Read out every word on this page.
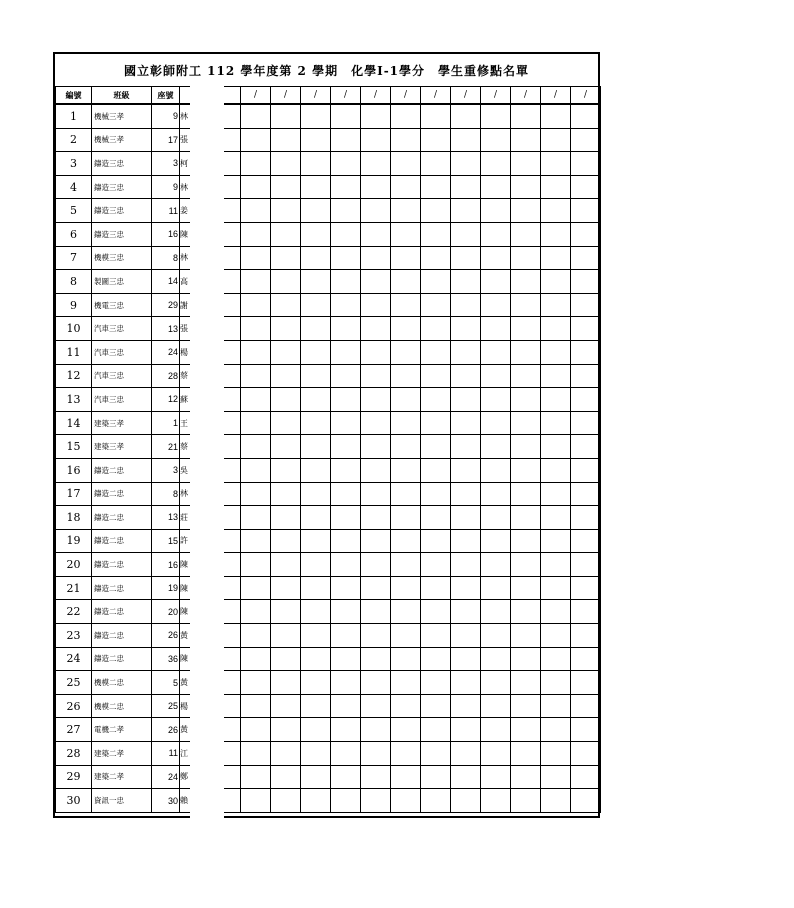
國立彰師附工 112 學年度第 2 學期　化學Ⅰ-1學分　學生重修點名單
編號	班級	座號		/	/	/	/	/	/	/	/	/	/	/	/
1	機械三孝	9	林												
2	機械三孝	17	張												
3	鑄造三忠	3	柯												
4	鑄造三忠	9	林												
5	鑄造三忠	11	姜												
6	鑄造三忠	16	陳												
7	機模三忠	8	林												
8	製圖三忠	14	高												
9	機電三忠	29	謝												
10	汽車三忠	13	張												
11	汽車三忠	24	楊												
12	汽車三忠	28	蔡												
13	汽車三忠	12	蘇												
14	建築三孝	1	王												
15	建築三孝	21	蔡												
16	鑄造二忠	3	吳												
17	鑄造二忠	8	林												
18	鑄造二忠	13	莊												
19	鑄造二忠	15	許												
20	鑄造二忠	16	陳												
21	鑄造二忠	19	陳												
22	鑄造二忠	20	陳												
23	鑄造二忠	26	黃												
24	鑄造二忠	36	陳												
25	機模二忠	5	黃												
26	機模二忠	25	楊												
27	電機二孝	26	黃												
28	建築二孝	11	江												
29	建築二孝	24	鄭												
30	資訊一忠	30	賴												
